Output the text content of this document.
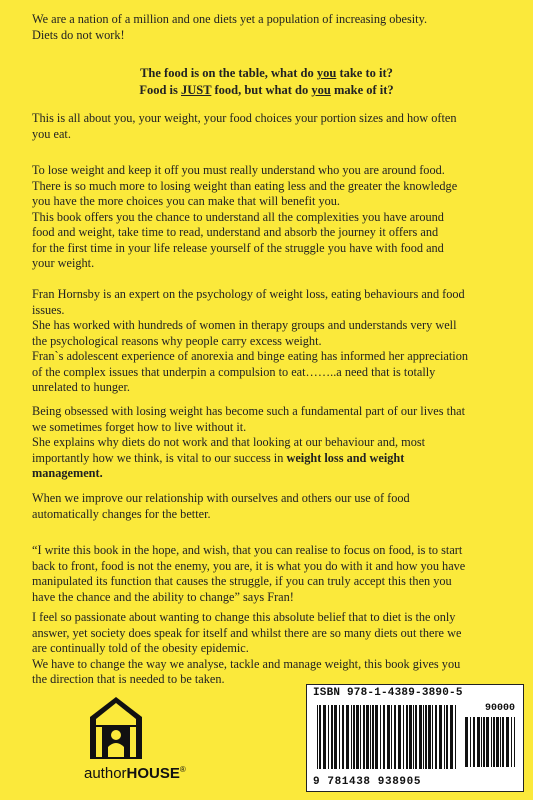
We are a nation of a million and one diets yet a population of increasing obesity.
Diets do not work!

The food is on the table, what do you take to it?
Food is JUST food, but what do you make of it?

This is all about you, your weight, your food choices your portion sizes and how often
you eat.

To lose weight and keep it off you must really understand who you are around food.
There is so much more to losing weight than eating less and the greater the knowledge
you have the more choices you can make that will benefit you.
This book offers you the chance to understand all the complexities you have around
food and weight, take time to read, understand and absorb the journey it offers and
for the first time in your life release yourself of the struggle you have with food and
your weight.

Fran Hornsby is an expert on the psychology of weight loss, eating behaviours and food
issues.
She has worked with hundreds of women in therapy groups and understands very well
the psychological reasons why people carry excess weight.
Fran`s adolescent experience of anorexia and binge eating has informed her appreciation
of the complex issues that underpin a compulsion to eat……..a need that is totally
unrelated to hunger.

Being obsessed with losing weight has become such a fundamental part of our lives that
we sometimes forget how to live without it.
She explains why diets do not work and that looking at our behaviour and, most
importantly how we think, is vital to our success in weight loss and weight
management.

When we improve our relationship with ourselves and others our use of food
automatically changes for the better.

“I write this book in the hope, and wish, that you can realise to focus on food, is to start
back to front, food is not the enemy, you are, it is what you do with it and how you have
manipulated its function that causes the struggle, if you can truly accept this then you
have the chance and the ability to change” says Fran!

I feel so passionate about wanting to change this absolute belief that to diet is the only
answer, yet society does speak for itself and whilst there are so many diets out there we
are continually told of the obesity epidemic.
We have to change the way we analyse, tackle and manage weight, this book gives you
the direction that is needed to be taken.

authorHOUSE®
ISBN 978-1-4389-3890-5
90000
9 781438 938905
